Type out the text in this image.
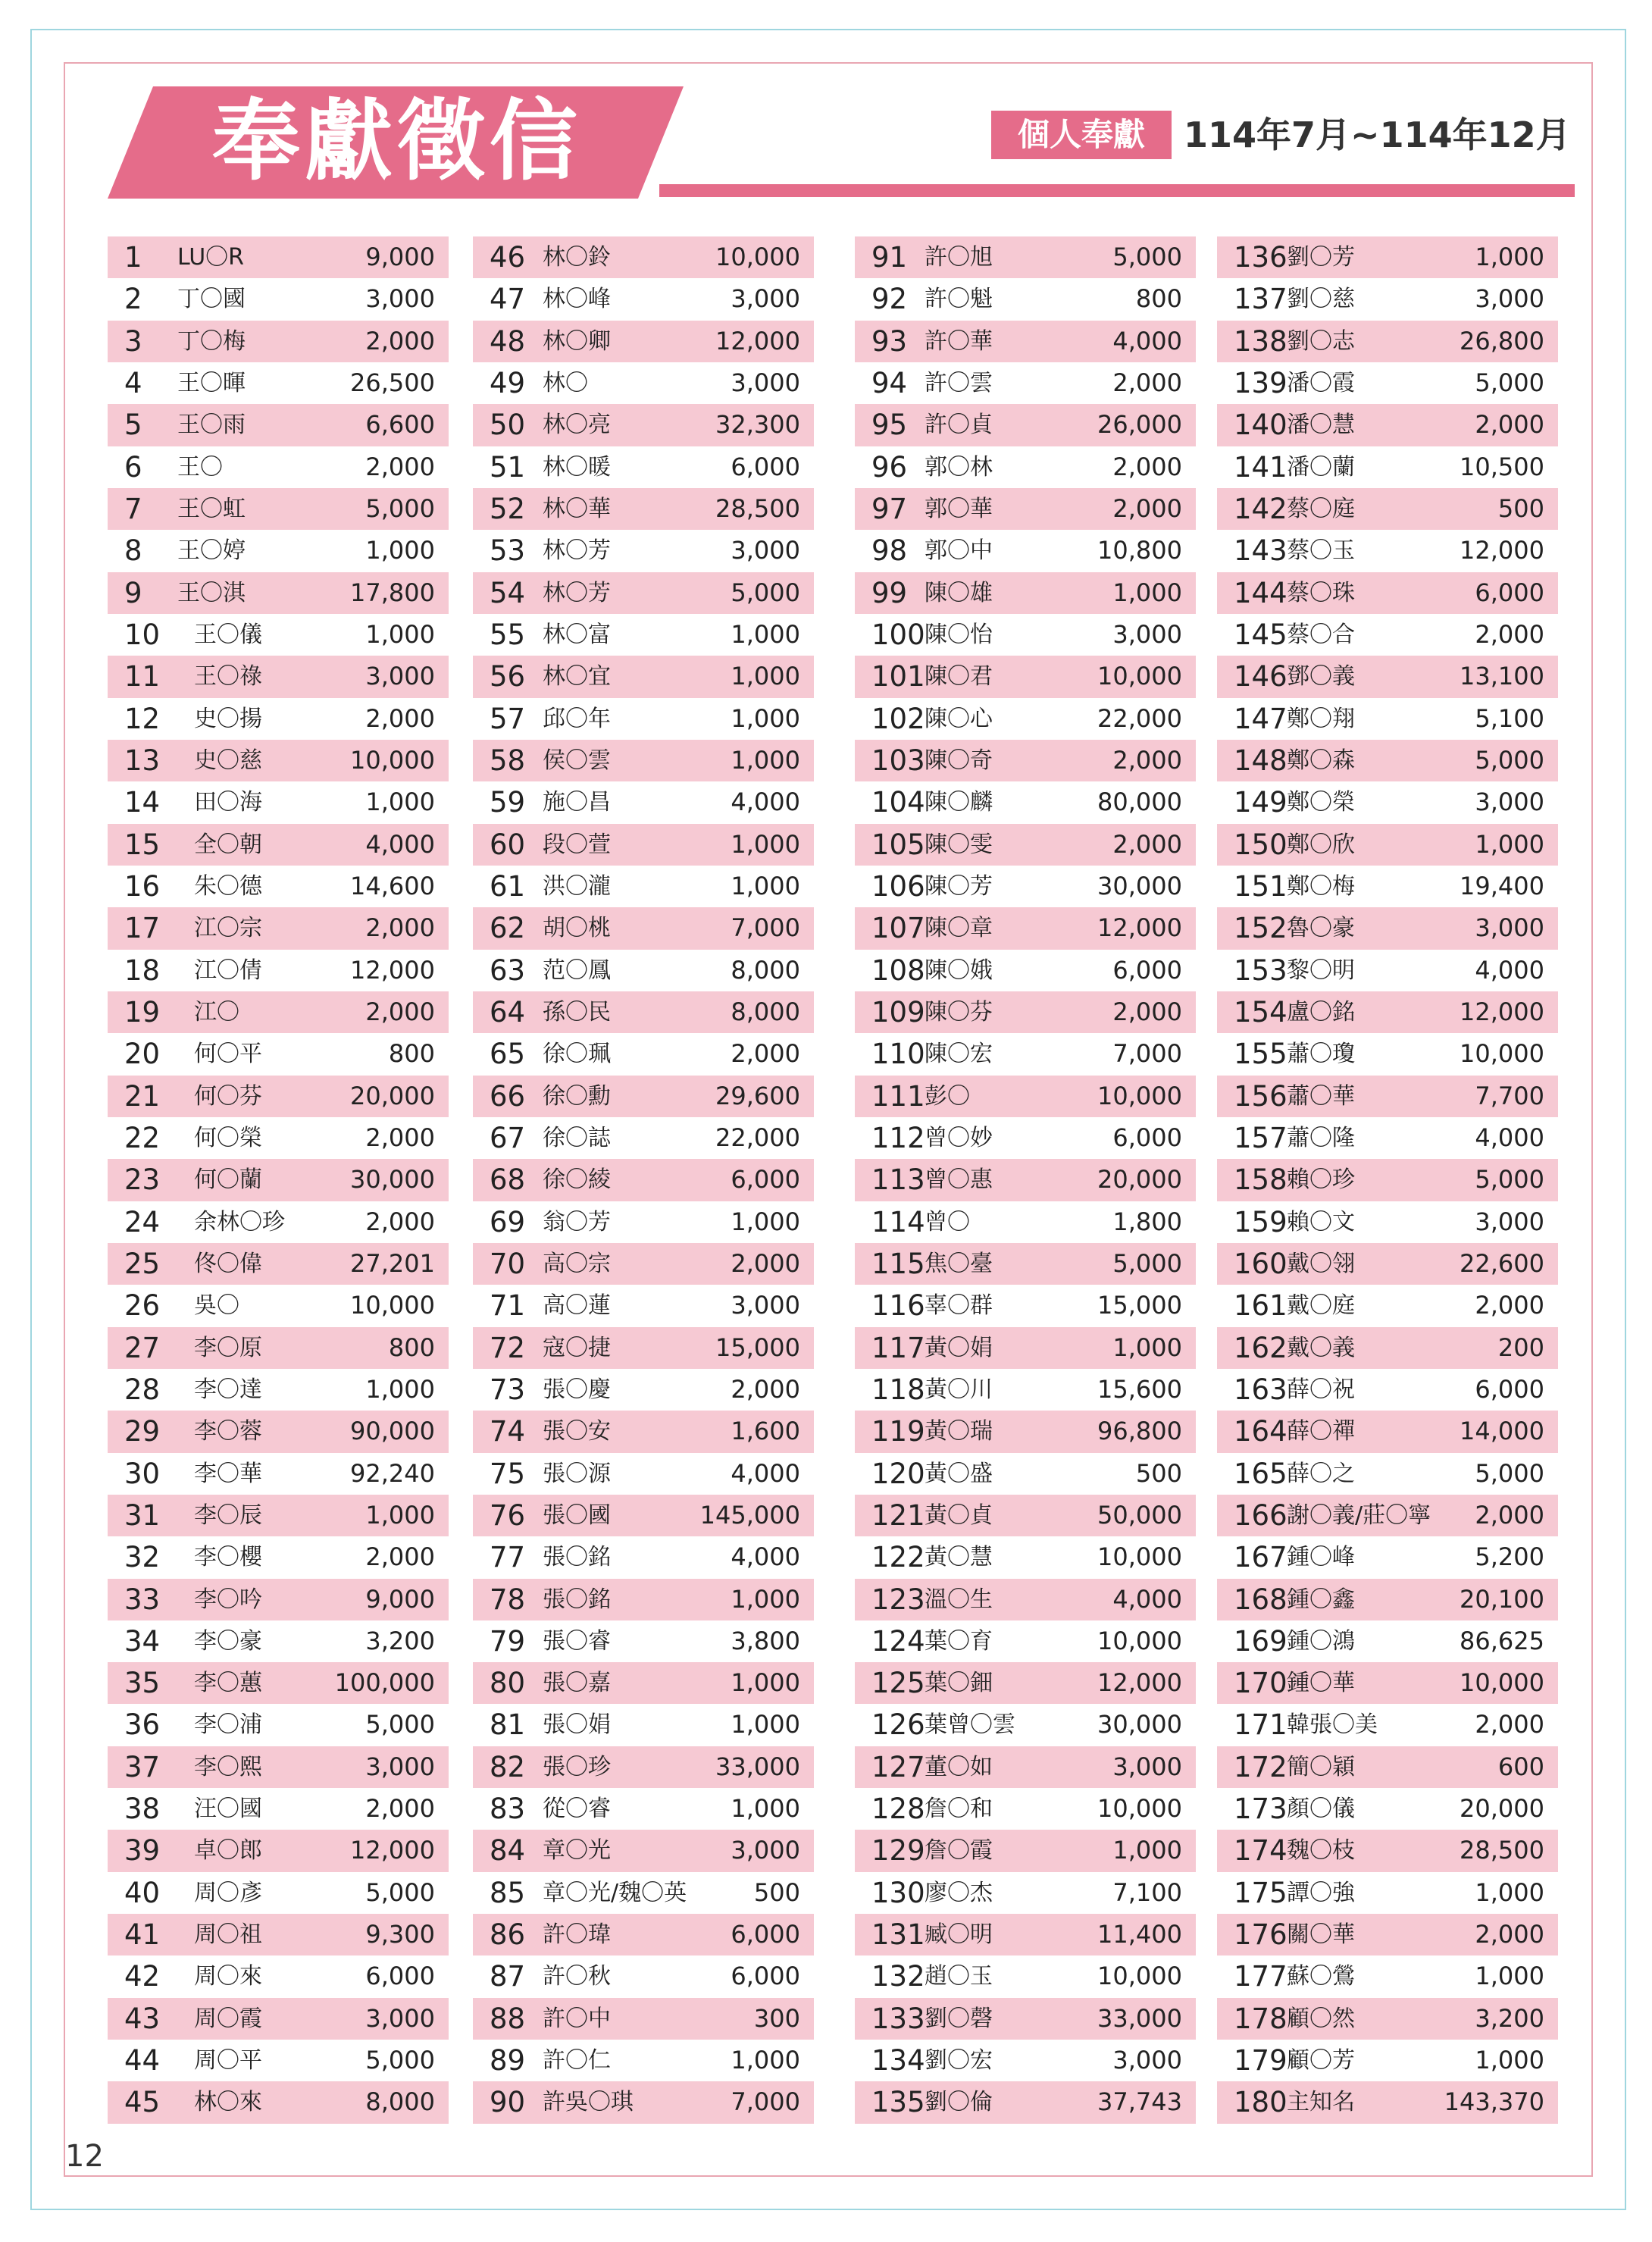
奉獻徵信	個人奉獻	114年7月~114年12月
1 LU〇R	9,000
2 丁〇國	3,000
3 丁〇梅	2,000
4 王〇暉	26,500
5 王〇雨	6,600
6 王〇	2,000
7 王〇虹	5,000
8 王〇婷	1,000
9 王〇淇	17,800
10 王〇儀	1,000
11 王〇祿	3,000
12 史〇揚	2,000
13 史〇慈	10,000
14 田〇海	1,000
15 全〇朝	4,000
16 朱〇德	14,600
17 江〇宗	2,000
18 江〇倩	12,000
19 江〇	2,000
20 何〇平	800
21 何〇芬	20,000
22 何〇榮	2,000
23 何〇蘭	30,000
24 余林〇珍	2,000
25 佟〇偉	27,201
26 吳〇	10,000
27 李〇原	800
28 李〇達	1,000
29 李〇蓉	90,000
30 李〇華	92,240
31 李〇辰	1,000
32 李〇櫻	2,000
33 李〇吟	9,000
34 李〇豪	3,200
35 李〇蕙	100,000
36 李〇浦	5,000
37 李〇熙	3,000
38 汪〇國	2,000
39 卓〇郎	12,000
40 周〇彥	5,000
41 周〇祖	9,300
42 周〇來	6,000
43 周〇霞	3,000
44 周〇平	5,000
45 林〇來	8,000
46 林〇鈴	10,000
47 林〇峰	3,000
48 林〇卿	12,000
49 林〇	3,000
50 林〇亮	32,300
51 林〇暖	6,000
52 林〇華	28,500
53 林〇芳	3,000
54 林〇芳	5,000
55 林〇富	1,000
56 林〇宜	1,000
57 邱〇年	1,000
58 侯〇雲	1,000
59 施〇昌	4,000
60 段〇萱	1,000
61 洪〇瀧	1,000
62 胡〇桃	7,000
63 范〇鳳	8,000
64 孫〇民	8,000
65 徐〇珮	2,000
66 徐〇勳	29,600
67 徐〇誌	22,000
68 徐〇綾	6,000
69 翁〇芳	1,000
70 高〇宗	2,000
71 高〇蓮	3,000
72 寇〇捷	15,000
73 張〇慶	2,000
74 張〇安	1,600
75 張〇源	4,000
76 張〇國	145,000
77 張〇銘	4,000
78 張〇銘	1,000
79 張〇睿	3,800
80 張〇嘉	1,000
81 張〇娟	1,000
82 張〇珍	33,000
83 從〇睿	1,000
84 章〇光	3,000
85 章〇光/魏〇英	500
86 許〇瑋	6,000
87 許〇秋	6,000
88 許〇中	300
89 許〇仁	1,000
90 許吳〇琪	7,000
91 許〇旭	5,000
92 許〇魁	800
93 許〇華	4,000
94 許〇雲	2,000
95 許〇貞	26,000
96 郭〇林	2,000
97 郭〇華	2,000
98 郭〇中	10,800
99 陳〇雄	1,000
100 陳〇怡	3,000
101 陳〇君	10,000
102 陳〇心	22,000
103 陳〇奇	2,000
104 陳〇麟	80,000
105 陳〇雯	2,000
106 陳〇芳	30,000
107 陳〇章	12,000
108 陳〇娥	6,000
109 陳〇芬	2,000
110 陳〇宏	7,000
111 彭〇	10,000
112 曾〇妙	6,000
113 曾〇惠	20,000
114 曾〇	1,800
115 焦〇臺	5,000
116 辜〇群	15,000
117 黃〇娟	1,000
118 黃〇川	15,600
119 黃〇瑞	96,800
120 黃〇盛	500
121 黃〇貞	50,000
122 黃〇慧	10,000
123 溫〇生	4,000
124 葉〇育	10,000
125 葉〇鈿	12,000
126 葉曾〇雲	30,000
127 董〇如	3,000
128 詹〇和	10,000
129 詹〇霞	1,000
130 廖〇杰	7,100
131 臧〇明	11,400
132 趙〇玉	10,000
133 劉〇磬	33,000
134 劉〇宏	3,000
135 劉〇倫	37,743
136 劉〇芳	1,000
137 劉〇慈	3,000
138 劉〇志	26,800
139 潘〇霞	5,000
140 潘〇慧	2,000
141 潘〇蘭	10,500
142 蔡〇庭	500
143 蔡〇玉	12,000
144 蔡〇珠	6,000
145 蔡〇合	2,000
146 鄧〇義	13,100
147 鄭〇翔	5,100
148 鄭〇森	5,000
149 鄭〇榮	3,000
150 鄭〇欣	1,000
151 鄭〇梅	19,400
152 魯〇豪	3,000
153 黎〇明	4,000
154 盧〇銘	12,000
155 蕭〇瓊	10,000
156 蕭〇華	7,700
157 蕭〇隆	4,000
158 賴〇珍	5,000
159 賴〇文	3,000
160 戴〇翎	22,600
161 戴〇庭	2,000
162 戴〇義	200
163 薛〇祝	6,000
164 薛〇禪	14,000
165 薛〇之	5,000
166 謝〇義/莊〇寧 2,000
167 鍾〇峰	5,200
168 鍾〇鑫	20,100
169 鍾〇鴻	86,625
170 鍾〇華	10,000
171 韓張〇美	2,000
172 簡〇穎	600
173 顏〇儀	20,000
174 魏〇枝	28,500
175 譚〇強	1,000
176 關〇華	2,000
177 蘇〇鶯	1,000
178 顧〇然	3,200
179 顧〇芳	1,000
180 主知名	143,370
12
